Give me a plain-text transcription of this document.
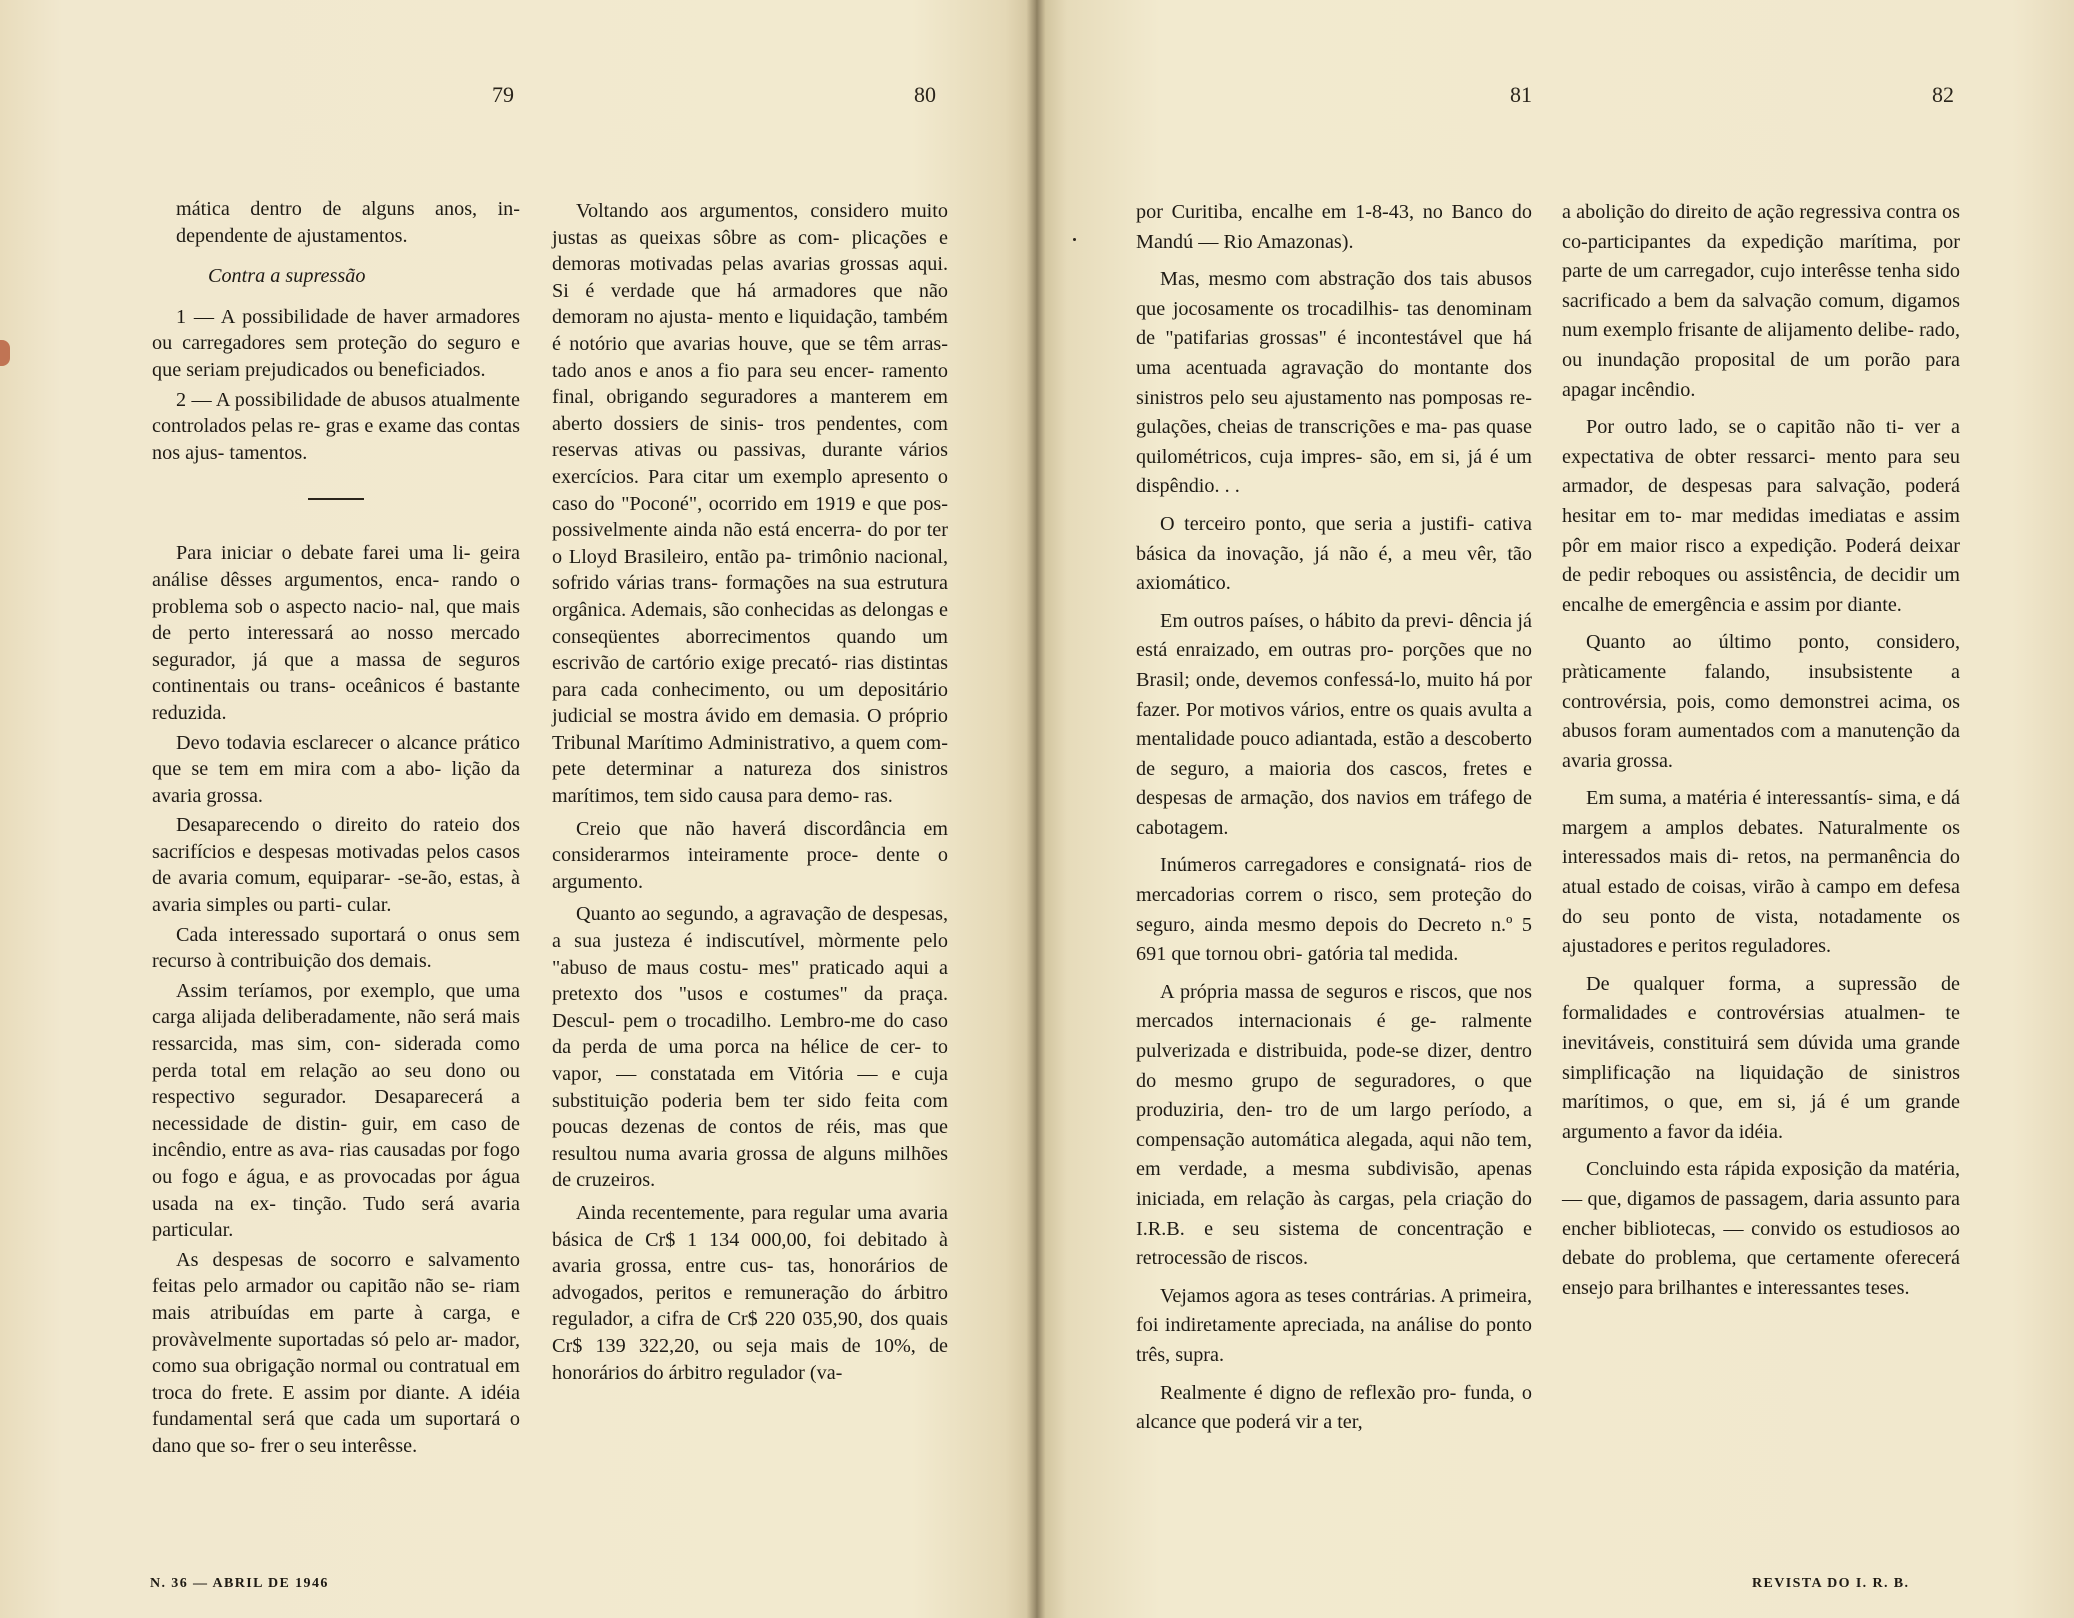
79	80

mática dentro de alguns anos, in- dependente de ajustamentos.

Contra a supressão

1 — A possibilidade de haver armadores ou carregadores sem proteção do seguro e que seriam prejudicados ou beneficiados.

2 — A possibilidade de abusos atualmente controlados pelas re- gras e exame das contas nos ajus- tamentos.

Para iniciar o debate farei uma li- geira análise dêsses argumentos, enca- rando o problema sob o aspecto nacio- nal, que mais de perto interessará ao nosso mercado segurador, já que a massa de seguros continentais ou trans- oceânicos é bastante reduzida.

Devo todavia esclarecer o alcance prático que se tem em mira com a abo- lição da avaria grossa.

Desaparecendo o direito do rateio dos sacrifícios e despesas motivadas pelos casos de avaria comum, equiparar- -se-ão, estas, à avaria simples ou parti- cular.

Cada interessado suportará o onus sem recurso à contribuição dos demais.

Assim teríamos, por exemplo, que uma carga alijada deliberadamente, não será mais ressarcida, mas sim, con- siderada como perda total em relação ao seu dono ou respectivo segurador. Desaparecerá a necessidade de distin- guir, em caso de incêndio, entre as ava- rias causadas por fogo ou fogo e água, e as provocadas por água usada na ex- tinção. Tudo será avaria particular.

As despesas de socorro e salvamento feitas pelo armador ou capitão não se- riam mais atribuídas em parte à carga, e provàvelmente suportadas só pelo ar- mador, como sua obrigação normal ou contratual em troca do frete. E assim por diante. A idéia fundamental será que cada um suportará o dano que so- frer o seu interêsse.

Voltando aos argumentos, considero muito justas as queixas sôbre as com- plicações e demoras motivadas pelas avarias grossas aqui. Si é verdade que há armadores que não demoram no ajusta- mento e liquidação, também é notório que avarias houve, que se têm arras- tado anos e anos a fio para seu encer- ramento final, obrigando seguradores a manterem em aberto dossiers de sinis- tros pendentes, com reservas ativas ou passivas, durante vários exercícios. Para citar um exemplo apresento o caso do "Poconé", ocorrido em 1919 e que pos- possivelmente ainda não está encerra- do por ter o Lloyd Brasileiro, então pa- trimônio nacional, sofrido várias trans- formações na sua estrutura orgânica. Ademais, são conhecidas as delongas e conseqüentes aborrecimentos quando um escrivão de cartório exige precató- rias distintas para cada conhecimento, ou um depositário judicial se mostra ávido em demasia. O próprio Tribunal Marítimo Administrativo, a quem com- pete determinar a natureza dos sinistros marítimos, tem sido causa para demo- ras.

Creio que não haverá discordância em considerarmos inteiramente proce- dente o argumento.

Quanto ao segundo, a agravação de despesas, a sua justeza é indiscutível, mòrmente pelo "abuso de maus costu- mes" praticado aqui a pretexto dos "usos e costumes" da praça. Descul- pem o trocadilho. Lembro-me do caso da perda de uma porca na hélice de cer- to vapor, — constatada em Vitória — e cuja substituição poderia bem ter sido feita com poucas dezenas de contos de réis, mas que resultou numa avaria grossa de alguns milhões de cruzeiros.

Ainda recentemente, para regular uma avaria básica de Cr$ 1 134 000,00, foi debitado à avaria grossa, entre cus- tas, honorários de advogados, peritos e remuneração do árbitro regulador, a cifra de Cr$ 220 035,90, dos quais Cr$ 139 322,20, ou seja mais de 10%, de honorários do árbitro regulador (va-

N. 36 — ABRIL DE 1946
81	82

por Curitiba, encalhe em 1-8-43, no Banco do Mandú — Rio Amazonas).

Mas, mesmo com abstração dos tais abusos que jocosamente os trocadilhis- tas denominam de "patifarias grossas" é incontestável que há uma acentuada agravação do montante dos sinistros pelo seu ajustamento nas pomposas re- gulações, cheias de transcrições e ma- pas quase quilométricos, cuja impres- são, em si, já é um dispêndio. . .

O terceiro ponto, que seria a justifi- cativa básica da inovação, já não é, a meu vêr, tão axiomático.

Em outros países, o hábito da previ- dência já está enraizado, em outras pro- porções que no Brasil; onde, devemos confessá-lo, muito há por fazer. Por motivos vários, entre os quais avulta a mentalidade pouco adiantada, estão a descoberto de seguro, a maioria dos cascos, fretes e despesas de armação, dos navios em tráfego de cabotagem.

Inúmeros carregadores e consignatá- rios de mercadorias correm o risco, sem proteção do seguro, ainda mesmo depois do Decreto n.º 5 691 que tornou obri- gatória tal medida.

A própria massa de seguros e riscos, que nos mercados internacionais é ge- ralmente pulverizada e distribuida, pode-se dizer, dentro do mesmo grupo de seguradores, o que produziria, den- tro de um largo período, a compensação automática alegada, aqui não tem, em verdade, a mesma subdivisão, apenas iniciada, em relação às cargas, pela criação do I.R.B. e seu sistema de concentração e retrocessão de riscos.

Vejamos agora as teses contrárias. A primeira, foi indiretamente apreciada, na análise do ponto três, supra.

Realmente é digno de reflexão pro- funda, o alcance que poderá vir a ter,

a abolição do direito de ação regressiva contra os co-participantes da expedição marítima, por parte de um carregador, cujo interêsse tenha sido sacrificado a bem da salvação comum, digamos num exemplo frisante de alijamento delibe- rado, ou inundação proposital de um porão para apagar incêndio.

Por outro lado, se o capitão não ti- ver a expectativa de obter ressarci- mento para seu armador, de despesas para salvação, poderá hesitar em to- mar medidas imediatas e assim pôr em maior risco a expedição. Poderá deixar de pedir reboques ou assistência, de decidir um encalhe de emergência e assim por diante.

Quanto ao último ponto, considero, pràticamente falando, insubsistente a controvérsia, pois, como demonstrei acima, os abusos foram aumentados com a manutenção da avaria grossa.

Em suma, a matéria é interessantís- sima, e dá margem a amplos debates. Naturalmente os interessados mais di- retos, na permanência do atual estado de coisas, virão à campo em defesa do seu ponto de vista, notadamente os ajustadores e peritos reguladores.

De qualquer forma, a supressão de formalidades e controvérsias atualmen- te inevitáveis, constituirá sem dúvida uma grande simplificação na liquidação de sinistros marítimos, o que, em si, já é um grande argumento a favor da idéia.

Concluindo esta rápida exposição da matéria, — que, digamos de passagem, daria assunto para encher bibliotecas, — convido os estudiosos ao debate do problema, que certamente oferecerá ensejo para brilhantes e interessantes teses.

REVISTA DO I. R. B.
